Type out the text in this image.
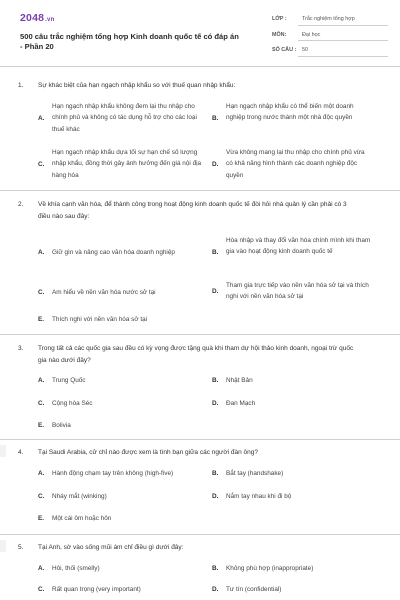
2048.vn
500 câu trắc nghiệm tổng hợp Kinh doanh quốc tế có đáp án - Phần 20
LỚP :	Trắc nghiệm tổng hợp
MÔN:	Đại học
SỐ CÂU : 50
1.	Sự khác biệt của hạn ngạch nhập khẩu so với thuế quan nhập khẩu:
A.
Hạn ngạch nhập khẩu không đem lại thu nhập cho chính phủ và không có tác dụng hỗ trợ cho các loại thuế khác
B.
Hạn ngạch nhập khẩu có thể biến một doanh nghiệp trong nước thành một nhà độc quyền
C.
Hạn ngạch nhập khẩu dựa tối sự hạn chế số lượng nhập khẩu, đồng thời gây ảnh hưởng đến giá nội địa hàng hóa
D.
Vừa không mang lại thu nhập cho chính phủ vừa có khả năng hình thành các doanh nghiệp độc quyền
2.	Về khía cạnh văn hóa, để thành công trong hoạt động kinh doanh quốc tế đòi hỏi nhà quản lý cần phải có 3 điều nào sau đây:
A.	Giữ gìn và nâng cao văn hóa doanh nghiệp	B.
Hòa nhập và thay đổi văn hóa chính mình khi tham gia vào hoạt động kinh doanh quốc tế
C.	Am hiểu về nền văn hóa nước sở tại	D.
Tham gia trực tiếp vào nền văn hóa sở tại và thích nghi với nền văn hóa sở tại
E.	Thích nghi với nền văn hóa sở tại
3.	Trong tất cả các quốc gia sau đều có kỳ vọng được tặng quà khi tham dự hội thảo kinh doanh, ngoại trừ quốc gia nào dưới đây?
A.	Trung Quốc	B.	Nhật Bản
C.	Cộng hòa Séc	D.	Đan Mạch
E.	Bolivia
4.	Tại Saudi Arabia, cử chỉ nào được xem là tình bạn giữa các người đàn ông?
A.	Hành động chạm tay trên không (high-five)	B.	Bắt tay (handshake)
C.	Nháy mắt (winking)	D.	Nắm tay nhau khi đi bộ
E.	Một cái ôm hoặc hôn
5.	Tại Anh, sờ vào sống mũi ám chỉ điều gì dưới đây:
A.	Hôi, thối (smelly)	B.	Không phù hợp (inappropriate)
C.	Rất quan trọng (very important)	D.	Tư tín (confidential)
